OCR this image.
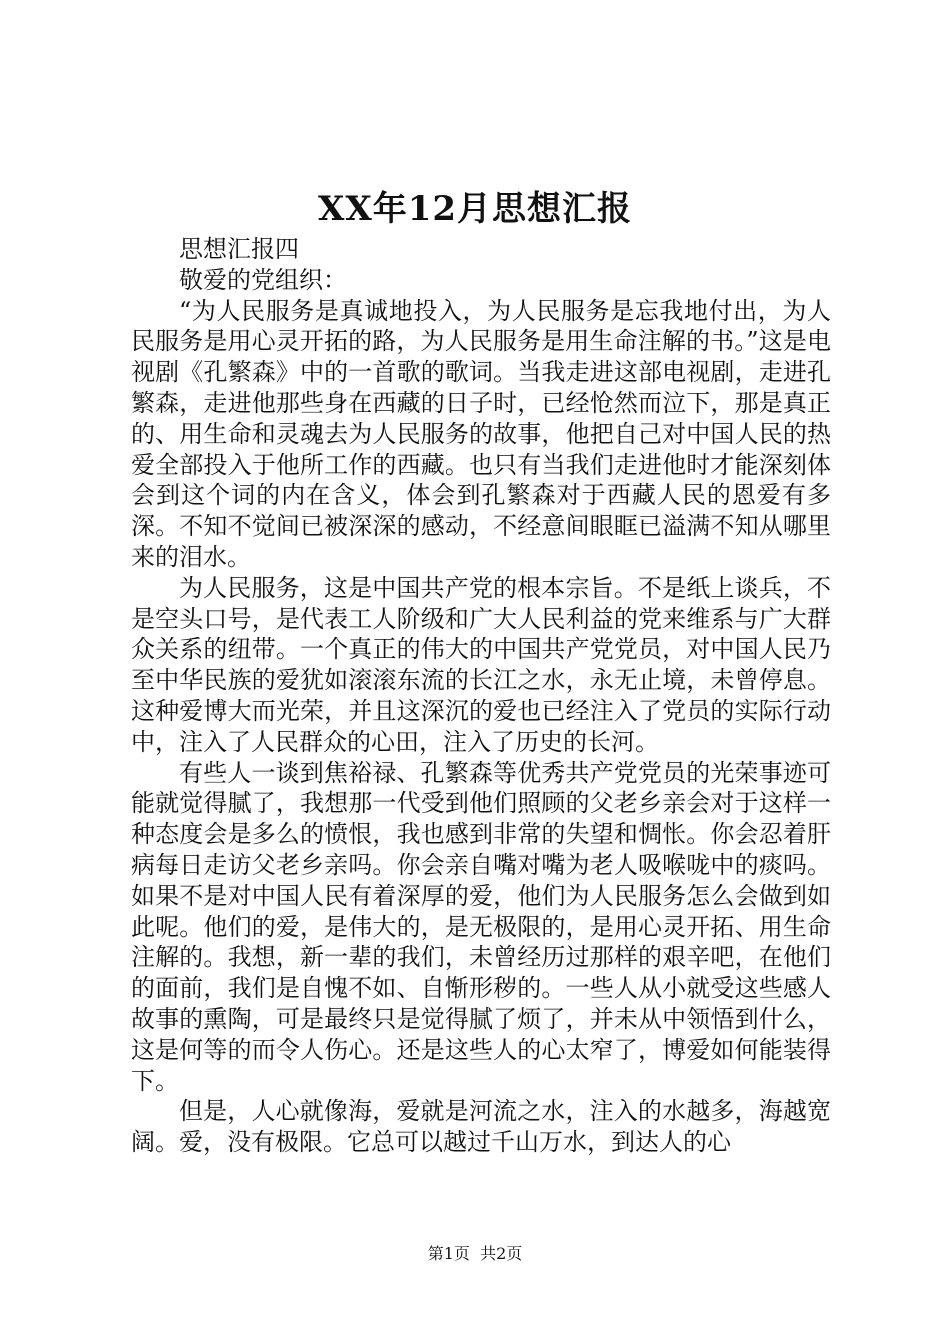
XX年12月思想汇报

思想汇报四

敬爱的党组织：

“为人民服务是真诚地投入，为人民服务是忘我地付出，为人民服务是用心灵开拓的路，为人民服务是用生命注解的书。”这是电视剧《孔繁森》中的一首歌的歌词。当我走进这部电视剧，走进孔繁森，走进他那些身在西藏的日子时，已经怆然而泣下，那是真正的、用生命和灵魂去为人民服务的故事，他把自己对中国人民的热爱全部投入于他所工作的西藏。也只有当我们走进他时才能深刻体会到这个词的内在含义，体会到孔繁森对于西藏人民的恩爱有多深。不知不觉间已被深深的感动，不经意间眼眶已溢满不知从哪里来的泪水。

为人民服务，这是中国共产党的根本宗旨。不是纸上谈兵，不是空头口号，是代表工人阶级和广大人民利益的党来维系与广大群众关系的纽带。一个真正的伟大的中国共产党党员，对中国人民乃至中华民族的爱犹如滚滚东流的长江之水，永无止境，未曾停息。这种爱博大而光荣，并且这深沉的爱也已经注入了党员的实际行动中，注入了人民群众的心田，注入了历史的长河。

有些人一谈到焦裕禄、孔繁森等优秀共产党党员的光荣事迹可能就觉得腻了，我想那一代受到他们照顾的父老乡亲会对于这样一种态度会是多么的愤恨，我也感到非常的失望和惆怅。你会忍着肝病每日走访父老乡亲吗。你会亲自嘴对嘴为老人吸喉咙中的痰吗。如果不是对中国人民有着深厚的爱，他们为人民服务怎么会做到如此呢。他们的爱，是伟大的，是无极限的，是用心灵开拓、用生命注解的。我想，新一辈的我们，未曾经历过那样的艰辛吧，在他们的面前，我们是自愧不如、自惭形秽的。一些人从小就受这些感人故事的熏陶，可是最终只是觉得腻了烦了，并未从中领悟到什么，这是何等的而令人伤心。还是这些人的心太窄了，博爱如何能装得下。

但是，人心就像海，爱就是河流之水，注入的水越多，海越宽阔。爱，没有极限。它总可以越过千山万水，到达人的心

第1页 共2页
